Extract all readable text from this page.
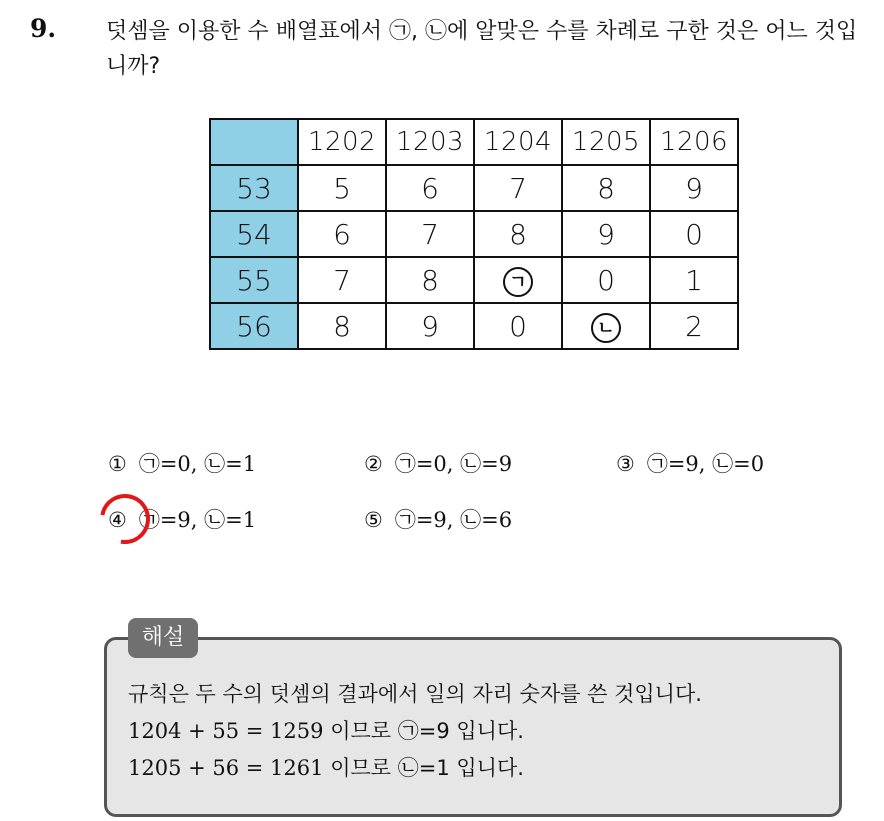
9. 덧셈을 이용한 수 배열표에서 ㉠, ㉡에 알맞은 수를 차례로 구한 것은 어느 것입니까?
	1202	1203	1204	1205	1206
53	5	6	7	8	9
54	6	7	8	9	0
55	7	8	ㄱ	0	1
56	8	9	0	ㄴ	2
① ㉠=0, ㉡=1	② ㉠=0, ㉡=9	③ ㉠=9, ㉡=0
④ ㉠=9, ㉡=1	⑤ ㉠=9, ㉡=6
해설
규칙은 두 수의 덧셈의 결과에서 일의 자리 숫자를 쓴 것입니다.
1204 + 55 = 1259 이므로 ㉠=9 입니다.
1205 + 56 = 1261 이므로 ㉡=1 입니다.
